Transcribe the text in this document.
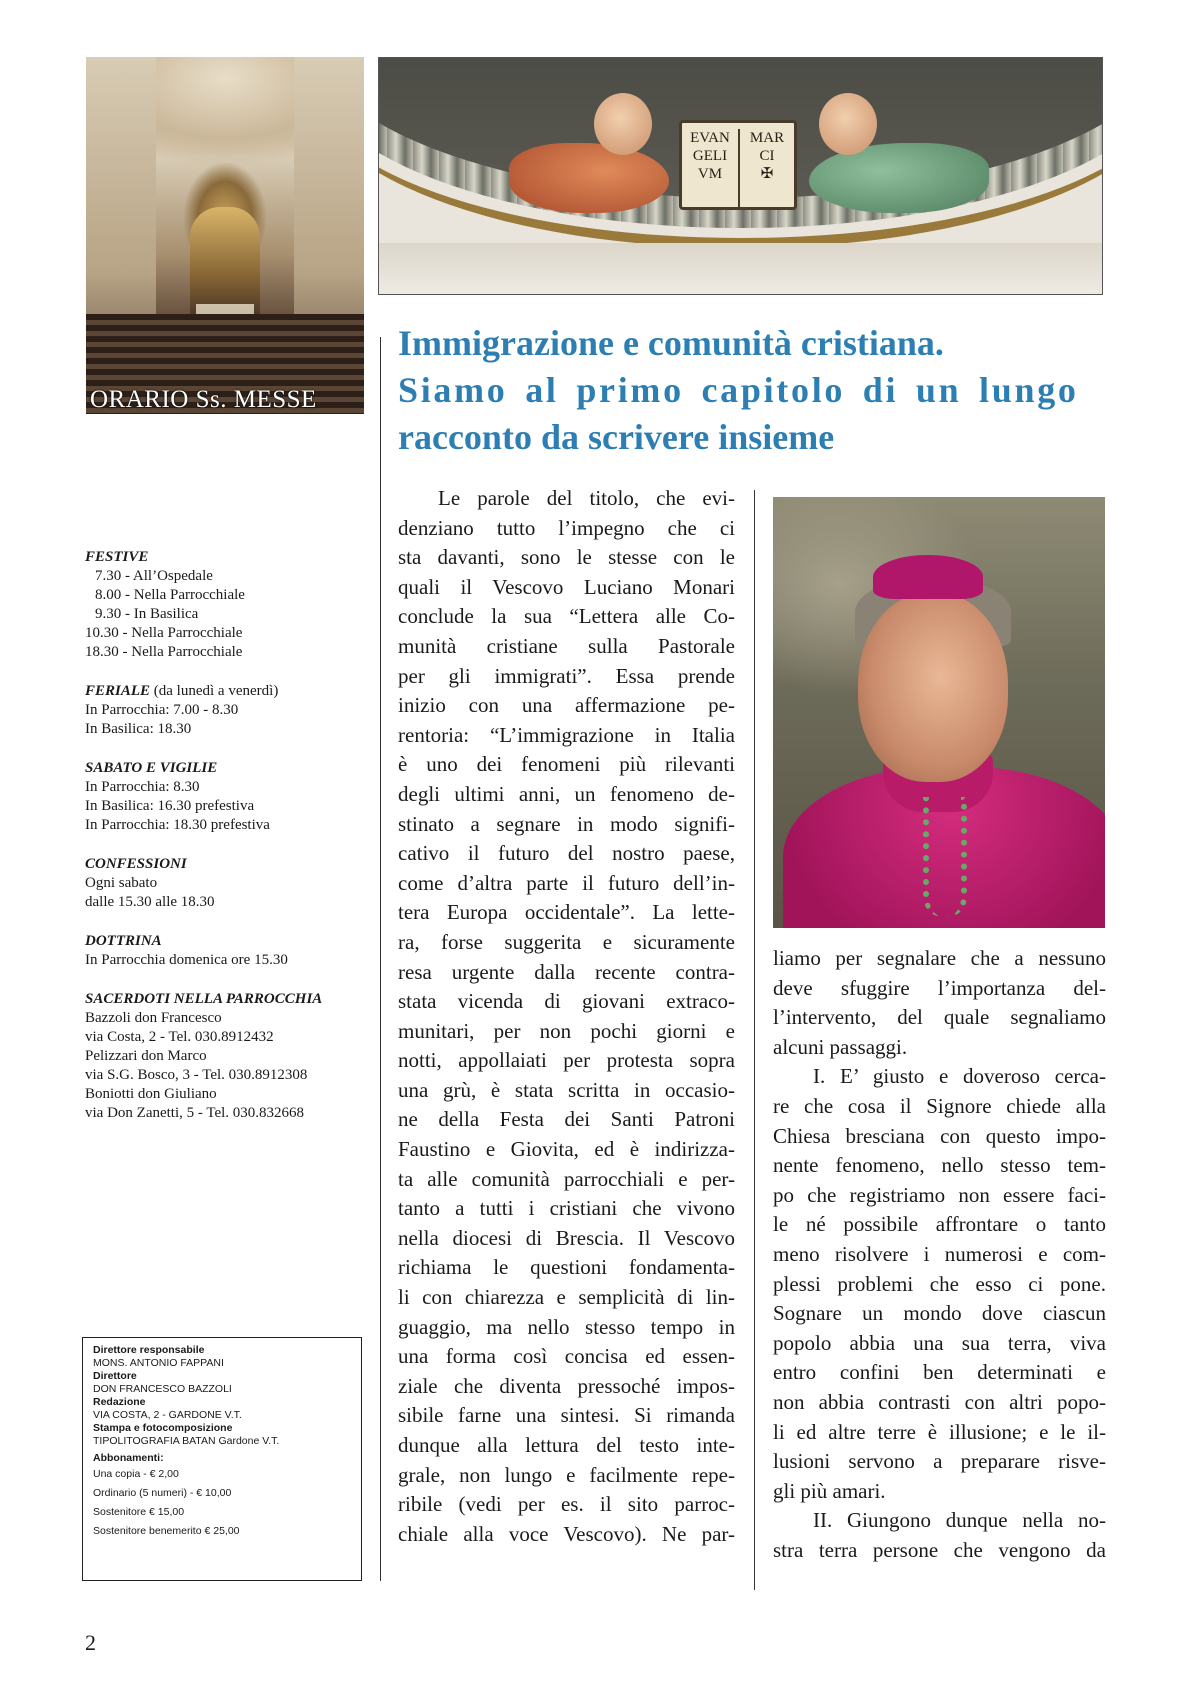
ORARIO Ss. MESSE
EVAN
GELI
VM
MAR
CI
✠
Immigrazione e comunità cristiana.
Siamo al primo capitolo di un lungo
racconto da scrivere insieme
FESTIVE
7.30 - All’Ospedale
8.00 - Nella Parrocchiale
9.30 - In Basilica
10.30 - Nella Parrocchiale
18.30 - Nella Parrocchiale
FERIALE (da lunedì a venerdì)
In Parrocchia: 7.00 - 8.30
In Basilica: 18.30
SABATO E VIGILIE
In Parrocchia: 8.30
In Basilica: 16.30 prefestiva
In Parrocchia: 18.30 prefestiva
CONFESSIONI
Ogni sabato
dalle 15.30 alle 18.30
DOTTRINA
In Parrocchia domenica ore 15.30
SACERDOTI NELLA PARROCCHIA
Bazzoli don Francesco
via Costa, 2 - Tel. 030.8912432
Pelizzari don Marco
via S.G. Bosco, 3 - Tel. 030.8912308
Boniotti don Giuliano
via Don Zanetti, 5 - Tel. 030.832668
Direttore responsabile
MONS. ANTONIO FAPPANI
Direttore
DON FRANCESCO BAZZOLI
Redazione
VIA COSTA, 2 - GARDONE V.T.
Stampa e fotocomposizione
TIPOLITOGRAFIA BATAN Gardone V.T.
Abbonamenti:
Una copia - € 2,00
Ordinario (5 numeri) - € 10,00
Sostenitore € 15,00
Sostenitore benemerito € 25,00
2
Le parole del titolo, che evi-
denziano tutto l’impegno che ci
sta davanti, sono le stesse con le
quali il Vescovo Luciano Monari
conclude la sua “Lettera alle Co-
munità cristiane sulla Pastorale
per gli immigrati”. Essa prende
inizio con una affermazione pe-
rentoria: “L’immigrazione in Italia
è uno dei fenomeni più rilevanti
degli ultimi anni, un fenomeno de-
stinato a segnare in modo signifi-
cativo il futuro del nostro paese,
come d’altra parte il futuro dell’in-
tera Europa occidentale”. La lette-
ra, forse suggerita e sicuramente
resa urgente dalla recente contra-
stata vicenda di giovani extraco-
munitari, per non pochi giorni e
notti, appollaiati per protesta sopra
una grù, è stata scritta in occasio-
ne della Festa dei Santi Patroni
Faustino e Giovita, ed è indirizza-
ta alle comunità parrocchiali e per-
tanto a tutti i cristiani che vivono
nella diocesi di Brescia. Il Vescovo
richiama le questioni fondamenta-
li con chiarezza e semplicità di lin-
guaggio, ma nello stesso tempo in
una forma così concisa ed essen-
ziale che diventa pressoché impos-
sibile farne una sintesi. Si rimanda
dunque alla lettura del testo inte-
grale, non lungo e facilmente repe-
ribile (vedi per es. il sito parroc-
chiale alla voce Vescovo). Ne par-
liamo per segnalare che a nessuno
deve sfuggire l’importanza del-
l’intervento, del quale segnaliamo
alcuni passaggi.
I. E’ giusto e doveroso cerca-
re che cosa il Signore chiede alla
Chiesa bresciana con questo impo-
nente fenomeno, nello stesso tem-
po che registriamo non essere faci-
le né possibile affrontare o tanto
meno risolvere i numerosi e com-
plessi problemi che esso ci pone.
Sognare un mondo dove ciascun
popolo abbia una sua terra, viva
entro confini ben determinati e
non abbia contrasti con altri popo-
li ed altre terre è illusione; e le il-
lusioni servono a preparare risve-
gli più amari.
II. Giungono dunque nella no-
stra terra persone che vengono da
